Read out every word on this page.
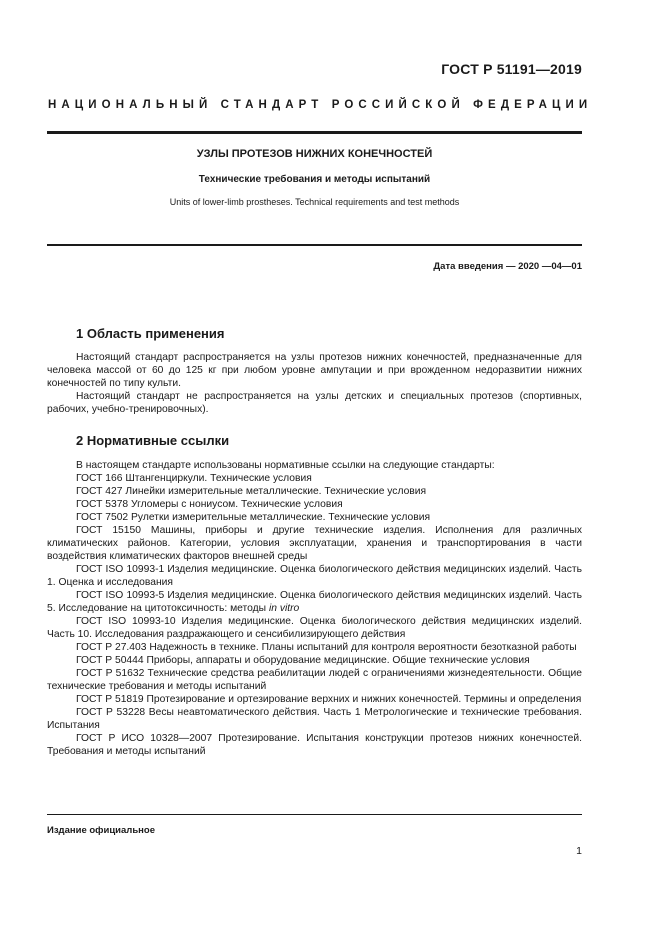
ГОСТ Р 51191—2019
НАЦИОНАЛЬНЫЙ СТАНДАРТ РОССИЙСКОЙ ФЕДЕРАЦИИ
УЗЛЫ ПРОТЕЗОВ НИЖНИХ КОНЕЧНОСТЕЙ
Технические требования и методы испытаний
Units of lower-limb prostheses. Technical requirements and test methods
Дата введения — 2020 —04—01
1 Область применения

Настоящий стандарт распространяется на узлы протезов нижних конечностей, предназначенные для человека массой от 60 до 125 кг при любом уровне ампутации и при врожденном недоразвитии нижних конечностей по типу культи.

Настоящий стандарт не распространяется на узлы детских и специальных протезов (спортивных, рабочих, учебно-тренировочных).

2 Нормативные ссылки

В настоящем стандарте использованы нормативные ссылки на следующие стандарты:

ГОСТ 166 Штангенциркули. Технические условия

ГОСТ 427 Линейки измерительные металлические. Технические условия

ГОСТ 5378 Угломеры с нониусом. Технические условия

ГОСТ 7502 Рулетки измерительные металлические. Технические условия

ГОСТ 15150 Машины, приборы и другие технические изделия. Исполнения для различных климатических районов. Категории, условия эксплуатации, хранения и транспортирования в части воздействия климатических факторов внешней среды

ГОСТ ISO 10993-1 Изделия медицинские. Оценка биологического действия медицинских изделий. Часть 1. Оценка и исследования

ГОСТ ISO 10993-5 Изделия медицинские. Оценка биологического действия медицинских изделий. Часть 5. Исследование на цитотоксичность: методы in vitro

ГОСТ ISO 10993-10 Изделия медицинские. Оценка биологического действия медицинских изделий. Часть 10. Исследования раздражающего и сенсибилизирующего действия

ГОСТ Р 27.403 Надежность в технике. Планы испытаний для контроля вероятности безотказной работы

ГОСТ Р 50444 Приборы, аппараты и оборудование медицинские. Общие технические условия

ГОСТ Р 51632 Технические средства реабилитации людей с ограничениями жизнедеятельности. Общие технические требования и методы испытаний

ГОСТ Р 51819 Протезирование и ортезирование верхних и нижних конечностей. Термины и определения

ГОСТ Р 53228 Весы неавтоматического действия. Часть 1 Метрологические и технические требования. Испытания

ГОСТ Р ИСО 10328—2007 Протезирование. Испытания конструкции протезов нижних конечностей. Требования и методы испытаний

Издание официальное
1
